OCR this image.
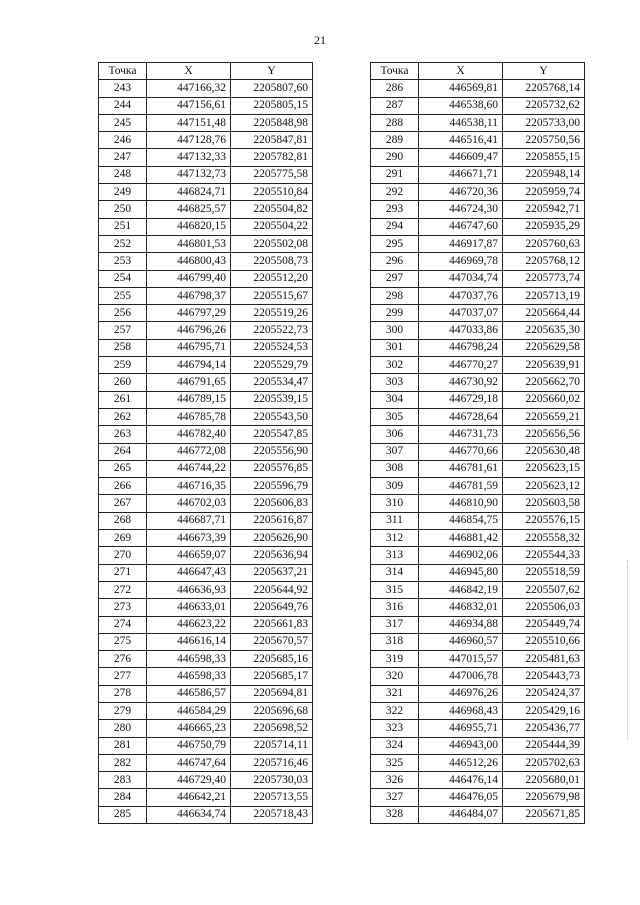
21
Точка	X	Y
243	447166,32	2205807,60
244	447156,61	2205805,15
245	447151,48	2205848,98
246	447128,76	2205847,81
247	447132,33	2205782,81
248	447132,73	2205775,58
249	446824,71	2205510,84
250	446825,57	2205504,82
251	446820,15	2205504,22
252	446801,53	2205502,08
253	446800,43	2205508,73
254	446799,40	2205512,20
255	446798,37	2205515,67
256	446797,29	2205519,26
257	446796,26	2205522,73
258	446795,71	2205524,53
259	446794,14	2205529,79
260	446791,65	2205534,47
261	446789,15	2205539,15
262	446785,78	2205543,50
263	446782,40	2205547,85
264	446772,08	2205556,90
265	446744,22	2205576,85
266	446716,35	2205596,79
267	446702,03	2205606,83
268	446687,71	2205616,87
269	446673,39	2205626,90
270	446659,07	2205636,94
271	446647,43	2205637,21
272	446636,93	2205644,92
273	446633,01	2205649,76
274	446623,22	2205661,83
275	446616,14	2205670,57
276	446598,33	2205685,16
277	446598,33	2205685,17
278	446586,57	2205694,81
279	446584,29	2205696,68
280	446665,23	2205698,52
281	446750,79	2205714,11
282	446747,64	2205716,46
283	446729,40	2205730,03
284	446642,21	2205713,55
285	446634,74	2205718,43
Точка	X	Y
286	446569,81	2205768,14
287	446538,60	2205732,62
288	446538,11	2205733,00
289	446516,41	2205750,56
290	446609,47	2205855,15
291	446671,71	2205948,14
292	446720,36	2205959,74
293	446724,30	2205942,71
294	446747,60	2205935,29
295	446917,87	2205760,63
296	446969,78	2205768,12
297	447034,74	2205773,74
298	447037,76	2205713,19
299	447037,07	2205664,44
300	447033,86	2205635,30
301	446798,24	2205629,58
302	446770,27	2205639,91
303	446730,92	2205662,70
304	446729,18	2205660,02
305	446728,64	2205659,21
306	446731,73	2205656,56
307	446770,66	2205630,48
308	446781,61	2205623,15
309	446781,59	2205623,12
310	446810,90	2205603,58
311	446854,75	2205576,15
312	446881,42	2205558,32
313	446902,06	2205544,33
314	446945,80	2205518,59
315	446842,19	2205507,62
316	446832,01	2205506,03
317	446934,88	2205449,74
318	446960,57	2205510,66
319	447015,57	2205481,63
320	447006,78	2205443,73
321	446976,26	2205424,37
322	446968,43	2205429,16
323	446955,71	2205436,77
324	446943,00	2205444,39
325	446512,26	2205702,63
326	446476,14	2205680,01
327	446476,05	2205679,98
328	446484,07	2205671,85
